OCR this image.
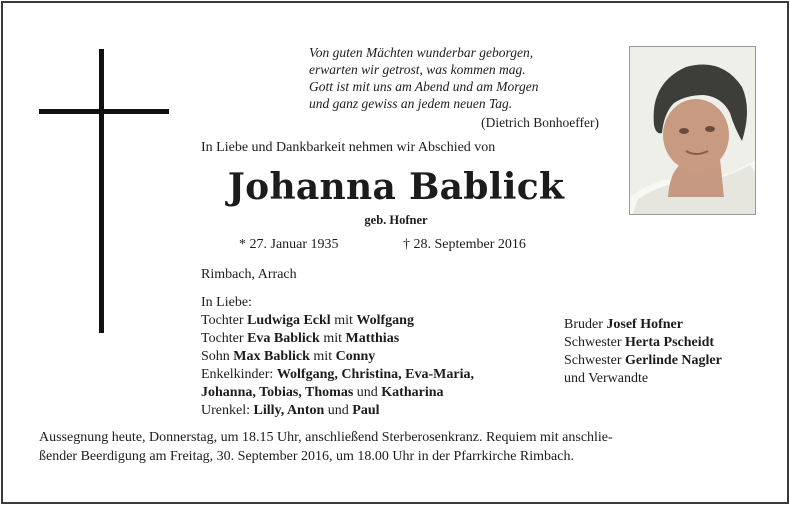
Von guten Mächten wunderbar geborgen,
erwarten wir getrost, was kommen mag.
Gott ist mit uns am Abend und am Morgen
und ganz gewiss an jedem neuen Tag.
(Dietrich Bonhoeffer)
In Liebe und Dankbarkeit nehmen wir Abschied von
Johanna Bablick
geb. Hofner
* 27. Januar 1935	† 28. September 2016
Rimbach, Arrach
In Liebe:
Tochter Ludwiga Eckl mit Wolfgang
Tochter Eva Bablick mit Matthias
Sohn Max Bablick mit Conny
Enkelkinder: Wolfgang, Christina, Eva-Maria,
Johanna, Tobias, Thomas und Katharina
Urenkel: Lilly, Anton und Paul
Bruder Josef Hofner
Schwester Herta Pscheidt
Schwester Gerlinde Nagler
und Verwandte
Aussegnung heute, Donnerstag, um 18.15 Uhr, anschließend Sterberosenkranz. Requiem mit anschlie-
ßender Beerdigung am Freitag, 30. September 2016, um 18.00 Uhr in der Pfarrkirche Rimbach.
